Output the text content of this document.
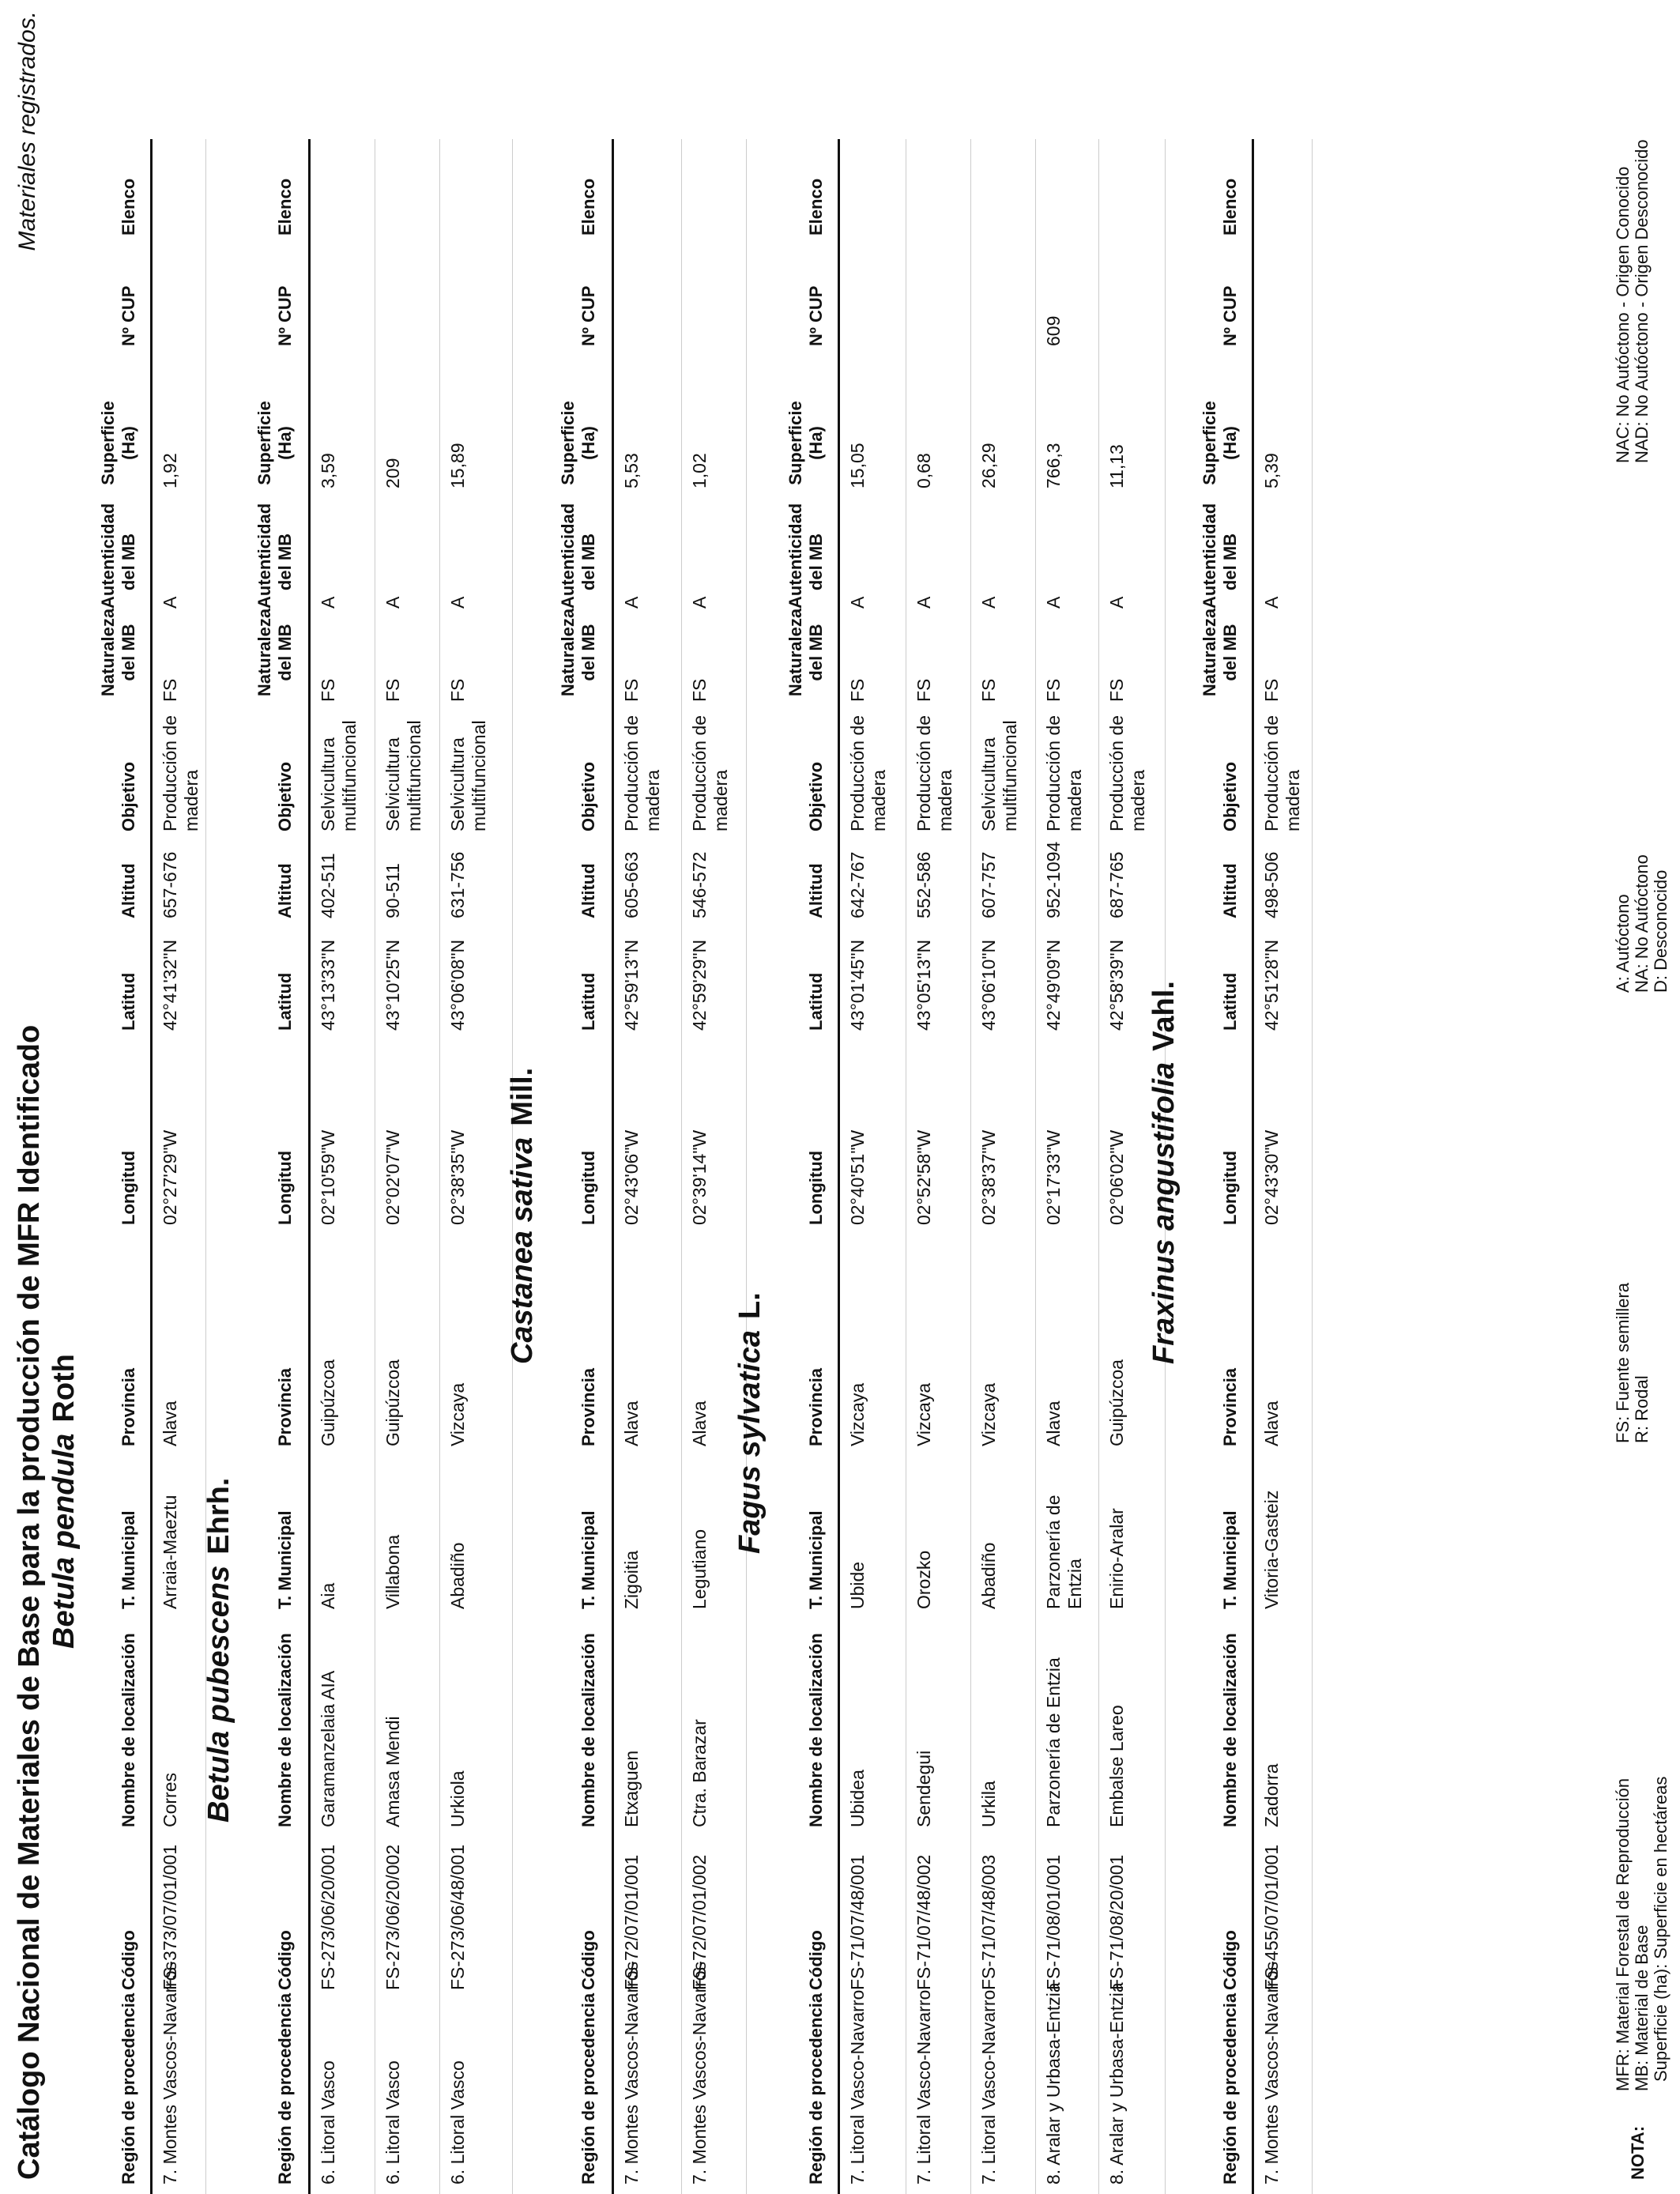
Catálogo Nacional de Materiales de Base para la producción de MFR Identificado
Materiales registrados.
Betula pendulaRoth
Región de procedencia
Código
Nombre de localización
T. Municipal
Provincia
Longitud
Latitud
Altitud
Objetivo
Naturaleza del MB
Autenticidad del MB
Superficie (Ha)
Nº CUP
Elenco
7. Montes Vascos-Navarros
FS-373/07/01/001
Corres
Arraia-Maeztu
Alava
02°27'29"W
42°41'32"N
657-676
Producción de madera
FS
A
1,92
Betula pubescensEhrh.
Región de procedencia
Código
Nombre de localización
T. Municipal
Provincia
Longitud
Latitud
Altitud
Objetivo
Naturaleza del MB
Autenticidad del MB
Superficie (Ha)
Nº CUP
Elenco
6. Litoral Vasco
FS-273/06/20/001
Garamanzelaia AIA
Aia
Guipúzcoa
02°10'59"W
43°13'33"N
402-511
Selvicultura multifuncional
FS
A
3,59
6. Litoral Vasco
FS-273/06/20/002
Amasa Mendi
Villabona
Guipúzcoa
02°02'07"W
43°10'25"N
90-511
Selvicultura multifuncional
FS
A
209
6. Litoral Vasco
FS-273/06/48/001
Urkiola
Abadiño
Vizcaya
02°38'35"W
43°06'08"N
631-756
Selvicultura multifuncional
FS
A
15,89
Castanea sativaMill.
Región de procedencia
Código
Nombre de localización
T. Municipal
Provincia
Longitud
Latitud
Altitud
Objetivo
Naturaleza del MB
Autenticidad del MB
Superficie (Ha)
Nº CUP
Elenco
7. Montes Vascos-Navarros
FS-72/07/01/001
Etxaguen
Zigoitia
Alava
02°43'06"W
42°59'13"N
605-663
Producción de madera
FS
A
5,53
7. Montes Vascos-Navarros
FS-72/07/01/002
Ctra. Barazar
Legutiano
Alava
02°39'14"W
42°59'29"N
546-572
Producción de madera
FS
A
1,02
Fagus sylvaticaL.
Región de procedencia
Código
Nombre de localización
T. Municipal
Provincia
Longitud
Latitud
Altitud
Objetivo
Naturaleza del MB
Autenticidad del MB
Superficie (Ha)
Nº CUP
Elenco
7. Litoral Vasco-Navarro
FS-71/07/48/001
Ubidea
Ubide
Vizcaya
02°40'51"W
43°01'45"N
642-767
Producción de madera
FS
A
15,05
7. Litoral Vasco-Navarro
FS-71/07/48/002
Sendegui
Orozko
Vizcaya
02°52'58"W
43°05'13"N
552-586
Producción de madera
FS
A
0,68
7. Litoral Vasco-Navarro
FS-71/07/48/003
Urkila
Abadiño
Vizcaya
02°38'37"W
43°06'10"N
607-757
Selvicultura multifuncional
FS
A
26,29
8. Aralar y Urbasa-Entzia
FS-71/08/01/001
Parzonería de Entzia
Parzonería de Entzia
Alava
02°17'33"W
42°49'09"N
952-1094
Producción de madera
FS
A
766,3
609
8. Aralar y Urbasa-Entzia
FS-71/08/20/001
Embalse Lareo
Enirio-Aralar
Guipúzcoa
02°06'02"W
42°58'39"N
687-765
Producción de madera
FS
A
11,13
Fraxinus angustifoliaVahl.
Región de procedencia
Código
Nombre de localización
T. Municipal
Provincia
Longitud
Latitud
Altitud
Objetivo
Naturaleza del MB
Autenticidad del MB
Superficie (Ha)
Nº CUP
Elenco
7. Montes Vascos-Navarros
FS-455/07/01/001
Zadorra
Vitoria-Gasteiz
Alava
02°43'30"W
42°51'28"N
498-506
Producción de madera
FS
A
5,39
NOTA:
MFR: Material Forestal de Reproducción MB: Material de Base Superficie (ha): Superficie en hectáreas
FS: Fuente semillera R: Rodal
A: Autóctono NA: No Autóctono D: Desconocido
NAC: No Autóctono - Origen Conocido NAD: No Autóctono - Origen Desconocido
